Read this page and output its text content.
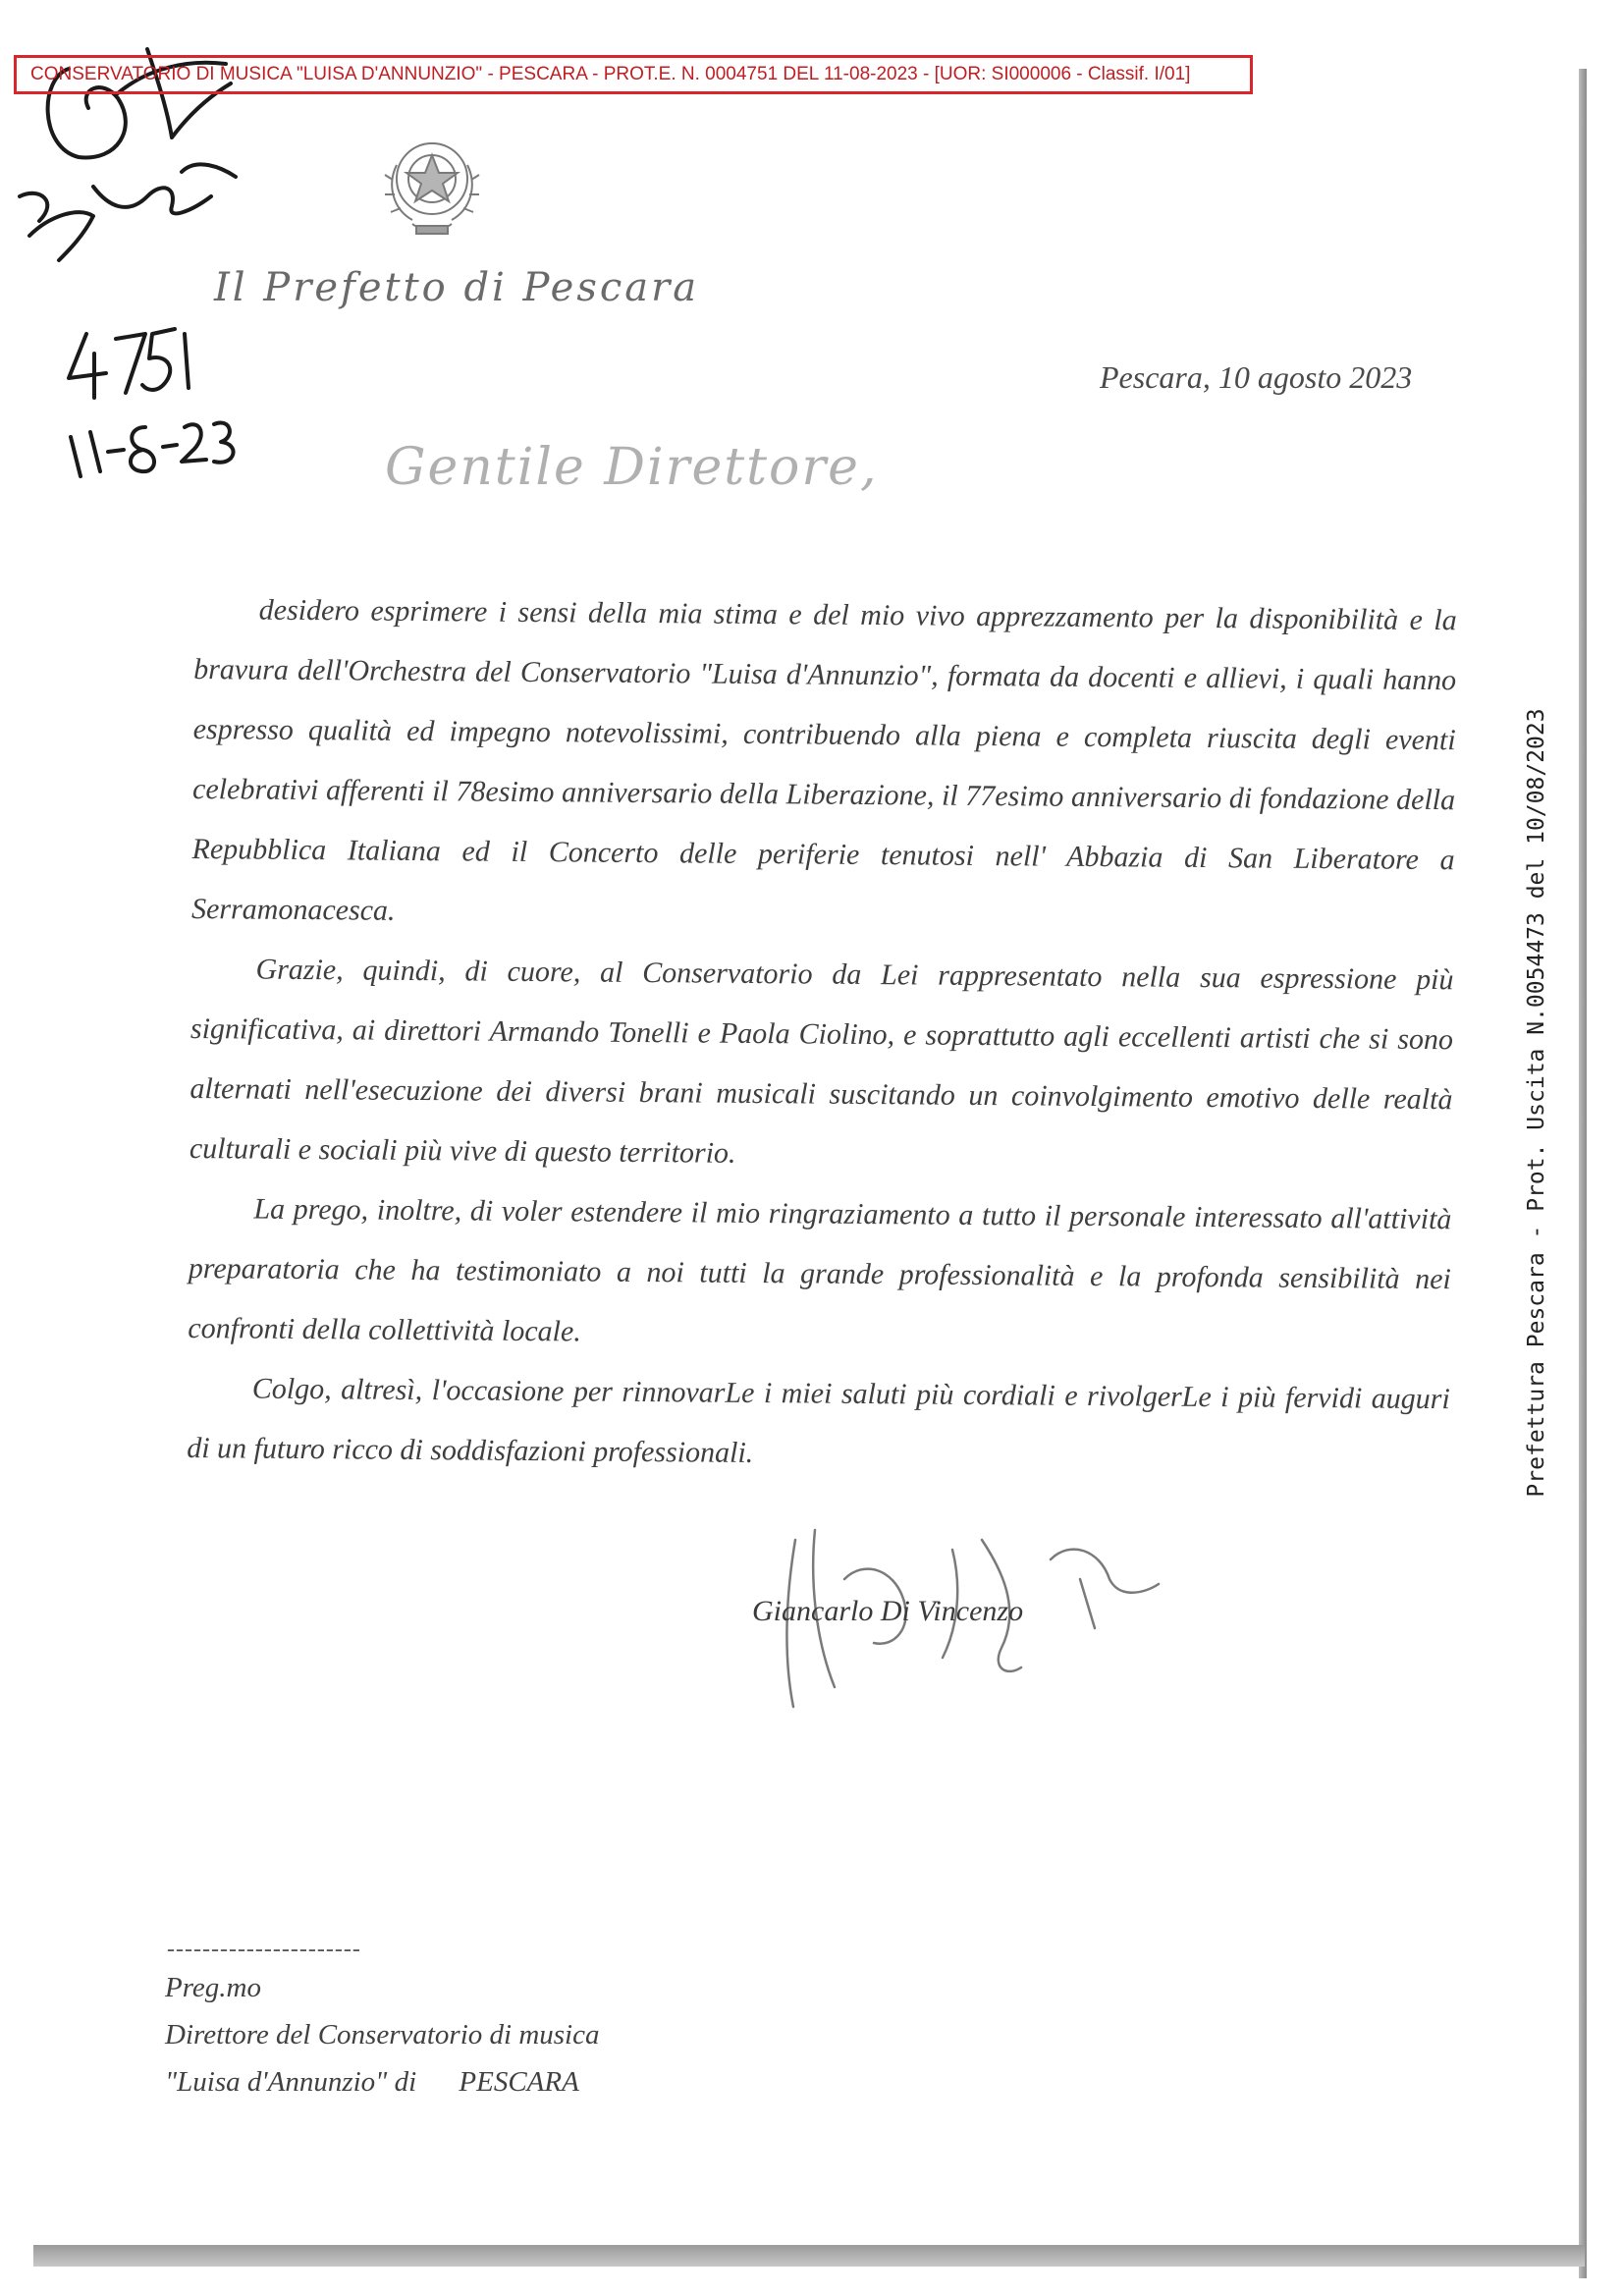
CONSERVATORIO DI MUSICA "LUISA D'ANNUNZIO" - PESCARA - PROT.E. N. 0004751 DEL 11-08-2023 - [UOR: SI000006 - Classif. I/01]
Il Prefetto di Pescara
Pescara, 10 agosto 2023
Gentile Direttore,

desidero esprimere i sensi della mia stima e del mio vivo apprezzamento per la disponibilità e la bravura dell'Orchestra del Conservatorio "Luisa d'Annunzio", formata da docenti e allievi, i quali hanno espresso qualità ed impegno notevolissimi, contribuendo alla piena e completa riuscita degli eventi celebrativi afferenti il 78esimo anniversario della Liberazione, il 77esimo anniversario di fondazione della Repubblica Italiana ed il Concerto delle periferie tenutosi nell' Abbazia di San Liberatore a Serramonacesca.

Grazie, quindi, di cuore, al Conservatorio da Lei rappresentato nella sua espressione più significativa, ai direttori Armando Tonelli e Paola Ciolino, e soprattutto agli eccellenti artisti che si sono alternati nell'esecuzione dei diversi brani musicali suscitando un coinvolgimento emotivo delle realtà culturali e sociali più vive di questo territorio.

La prego, inoltre, di voler estendere il mio ringraziamento a tutto il personale interessato all'attività preparatoria che ha testimoniato a noi tutti la grande professionalità e la profonda sensibilità nei confronti della collettività locale.

Colgo, altresì, l'occasione per rinnovarLe i miei saluti più cordiali e rivolgerLe i più fervidi auguri di un futuro ricco di soddisfazioni professionali.

Giancarlo Di Vincenzo
Prefettura Pescara - Prot. Uscita N.0054473 del 10/08/2023
----------------------
Preg.mo
Direttore del Conservatorio di musica
"Luisa d'Annunzio" di PESCARA
